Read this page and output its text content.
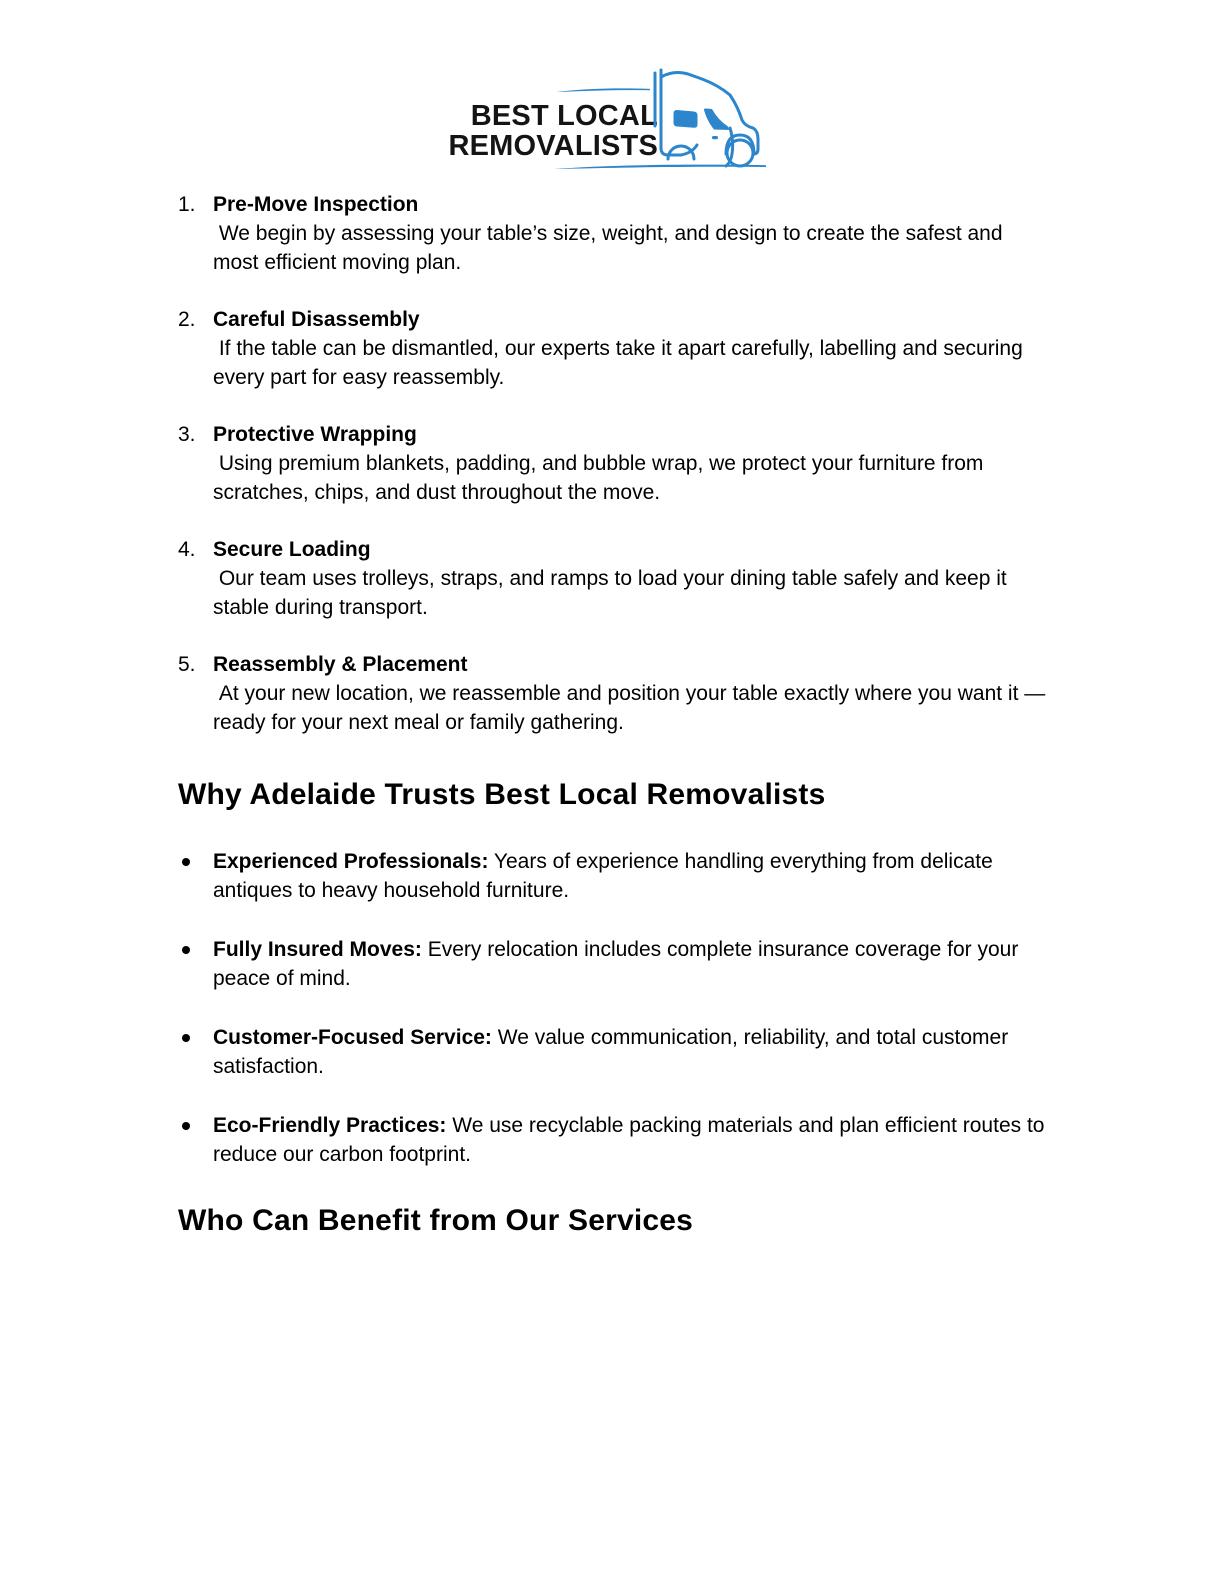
BEST LOCAL
REMOVALISTS
1. Pre-Move Inspection
We begin by assessing your table’s size, weight, and design to create the safest and most efficient moving plan.
2. Careful Disassembly
If the table can be dismantled, our experts take it apart carefully, labelling and securing every part for easy reassembly.
3. Protective Wrapping
Using premium blankets, padding, and bubble wrap, we protect your furniture from scratches, chips, and dust throughout the move.
4. Secure Loading
Our team uses trolleys, straps, and ramps to load your dining table safely and keep it stable during transport.
5. Reassembly & Placement
At your new location, we reassemble and position your table exactly where you want it — ready for your next meal or family gathering.
Why Adelaide Trusts Best Local Removalists
Experienced Professionals: Years of experience handling everything from delicate antiques to heavy household furniture.
Fully Insured Moves: Every relocation includes complete insurance coverage for your peace of mind.
Customer-Focused Service: We value communication, reliability, and total customer satisfaction.
Eco-Friendly Practices: We use recyclable packing materials and plan efficient routes to reduce our carbon footprint.
Who Can Benefit from Our Services
